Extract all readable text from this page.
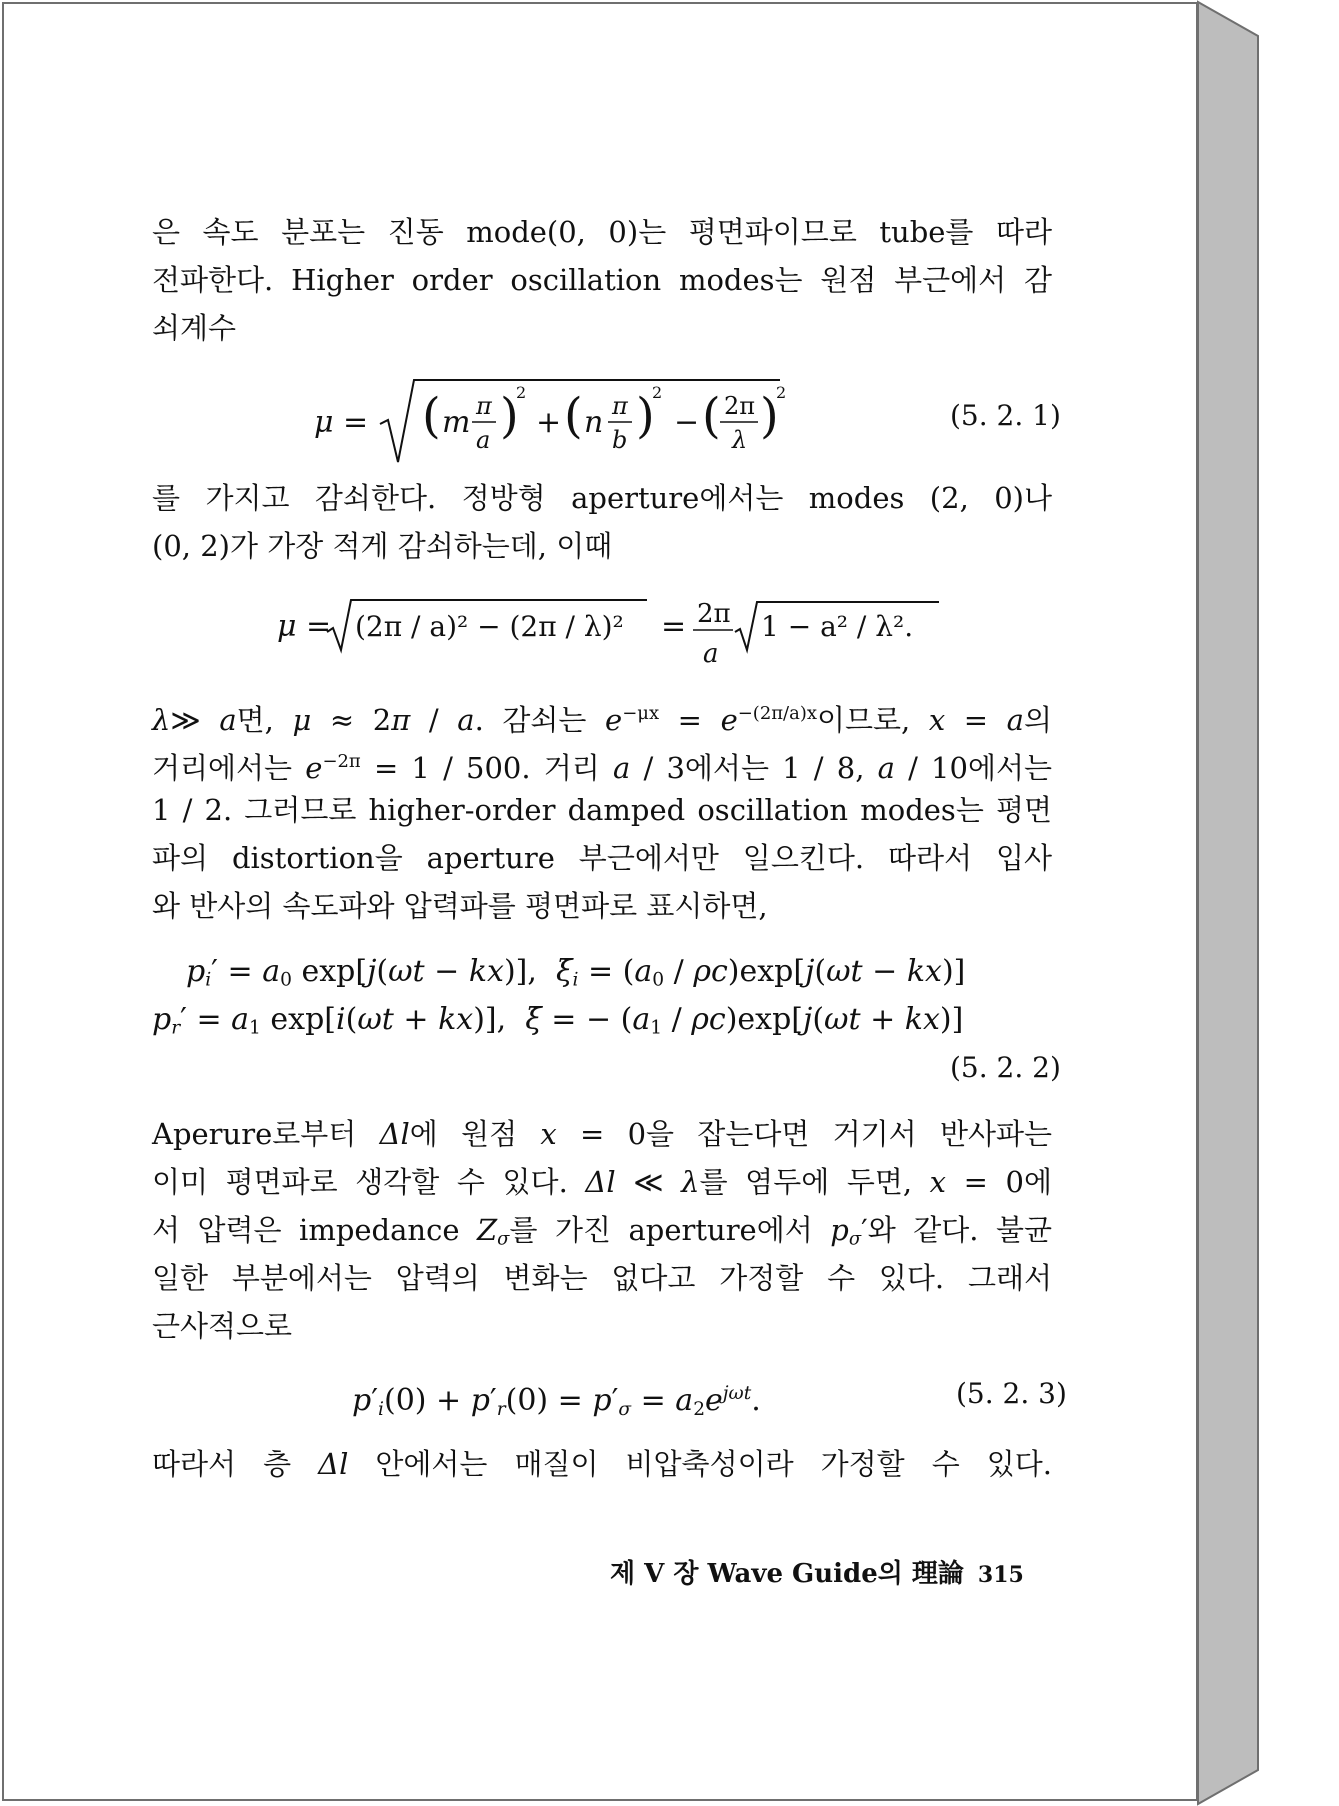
은 속도 분포는 진동 mode(0, 0)는 평면파이므로 tube를 따라
전파한다. Higher order oscillation modes는 원점 부근에서 감
쇠계수
μ = ( m π
a )
2
+ ( n π
b )
2
− ( 2π
λ )
2
(5. 2. 1)
를 가지고 감쇠한다. 정방형 aperture에서는 modes (2, 0)나
(0, 2)가 가장 적게 감쇠하는데, 이때
μ = (2π / a)² − (2π / λ)² = 2π
a
1 − a² / λ².
λ≫ a면, μ ≈ 2π / a. 감쇠는 $e^{-\mu x} = e^{-(2\pi/a)x}$이므로, x = a의
거리에서는 $e^{-2\pi} = 1 / 500$. 거리 a / 3에서는 1 / 8, a / 10에서는
1 / 2. 그러므로 higher-order damped oscillation modes는 평면
파의 distortion을 aperture 부근에서만 일으킨다. 따라서 입사
와 반사의 속도파와 압력파를 평면파로 표시하면,
$p_i' = a_0$ exp[j(ωt − kx)],  $\xi̇_i = (a_0 / \rho c)\exp[j(\omega t - kx)]$
$p_r' = a_1$ exp[i(ωt + kx)],  ξ̇ = − $(a_1 / \rho c)\exp[j(\omega t + kx)]$
(5. 2. 2)
Aperure로부터 Δl에 원점 x = 0을 잡는다면 거기서 반사파는
이미 평면파로 생각할 수 있다. Δl ≪ λ를 염두에 두면, x = 0에
서 압력은 impedance $Z_\sigma$를 가진 aperture에서 $p_\sigma'$와 같다. 불균
일한 부분에서는 압력의 변화는 없다고 가정할 수 있다. 그래서
근사적으로
$p'_i(0) + p'_r(0) = p'_\sigma = a_2e^{j\omega t}$.	(5. 2. 3)
따라서 층 Δl 안에서는 매질이 비압축성이라 가정할 수 있다.
제 Ⅴ 장 Wave Guide의 理論 315
